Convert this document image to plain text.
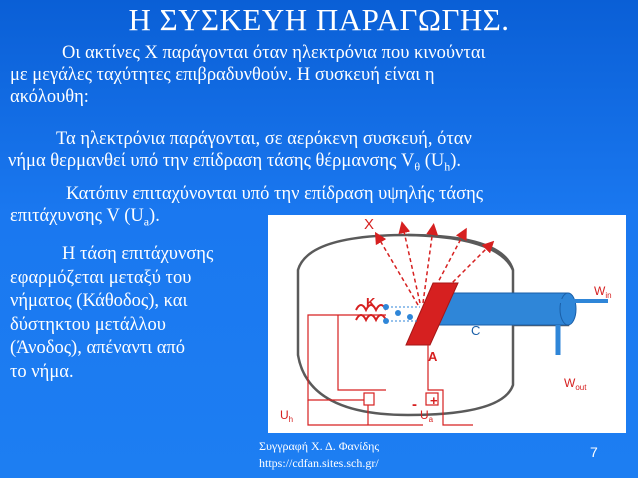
Η ΣΥΣΚΕΥΗ ΠΑΡΑΓΩΓΗΣ.
Οι ακτίνες Χ παράγονται όταν ηλεκτρόνια που κινούνται
με μεγάλες ταχύτητες επιβραδυνθούν. Η συσκευή είναι η
ακόλουθη:
Τα ηλεκτρόνια παράγονται, σε αερόκενη συσκευή, όταν
νήμα θερμανθεί υπό την επίδραση τάσης θέρμανσης $V_\theta$ $(U_h)$.
Κατόπιν επιταχύνονται υπό την επίδραση υψηλής τάσης
επιτάχυνσης V $(U_a)$.
Η τάση επιτάχυνσης
εφαρμόζεται μεταξύ του
νήματος (Κάθοδος), και
δύστηκτου μετάλλου
(Άνοδος), απέναντι από
το νήμα.
X
K
A
C
$W_{in}$
$W_{out}$
$U_h$	$U_a$
- +
Συγγραφή Χ. Δ. Φανίδης
https://cdfan.sites.sch.gr/
7
